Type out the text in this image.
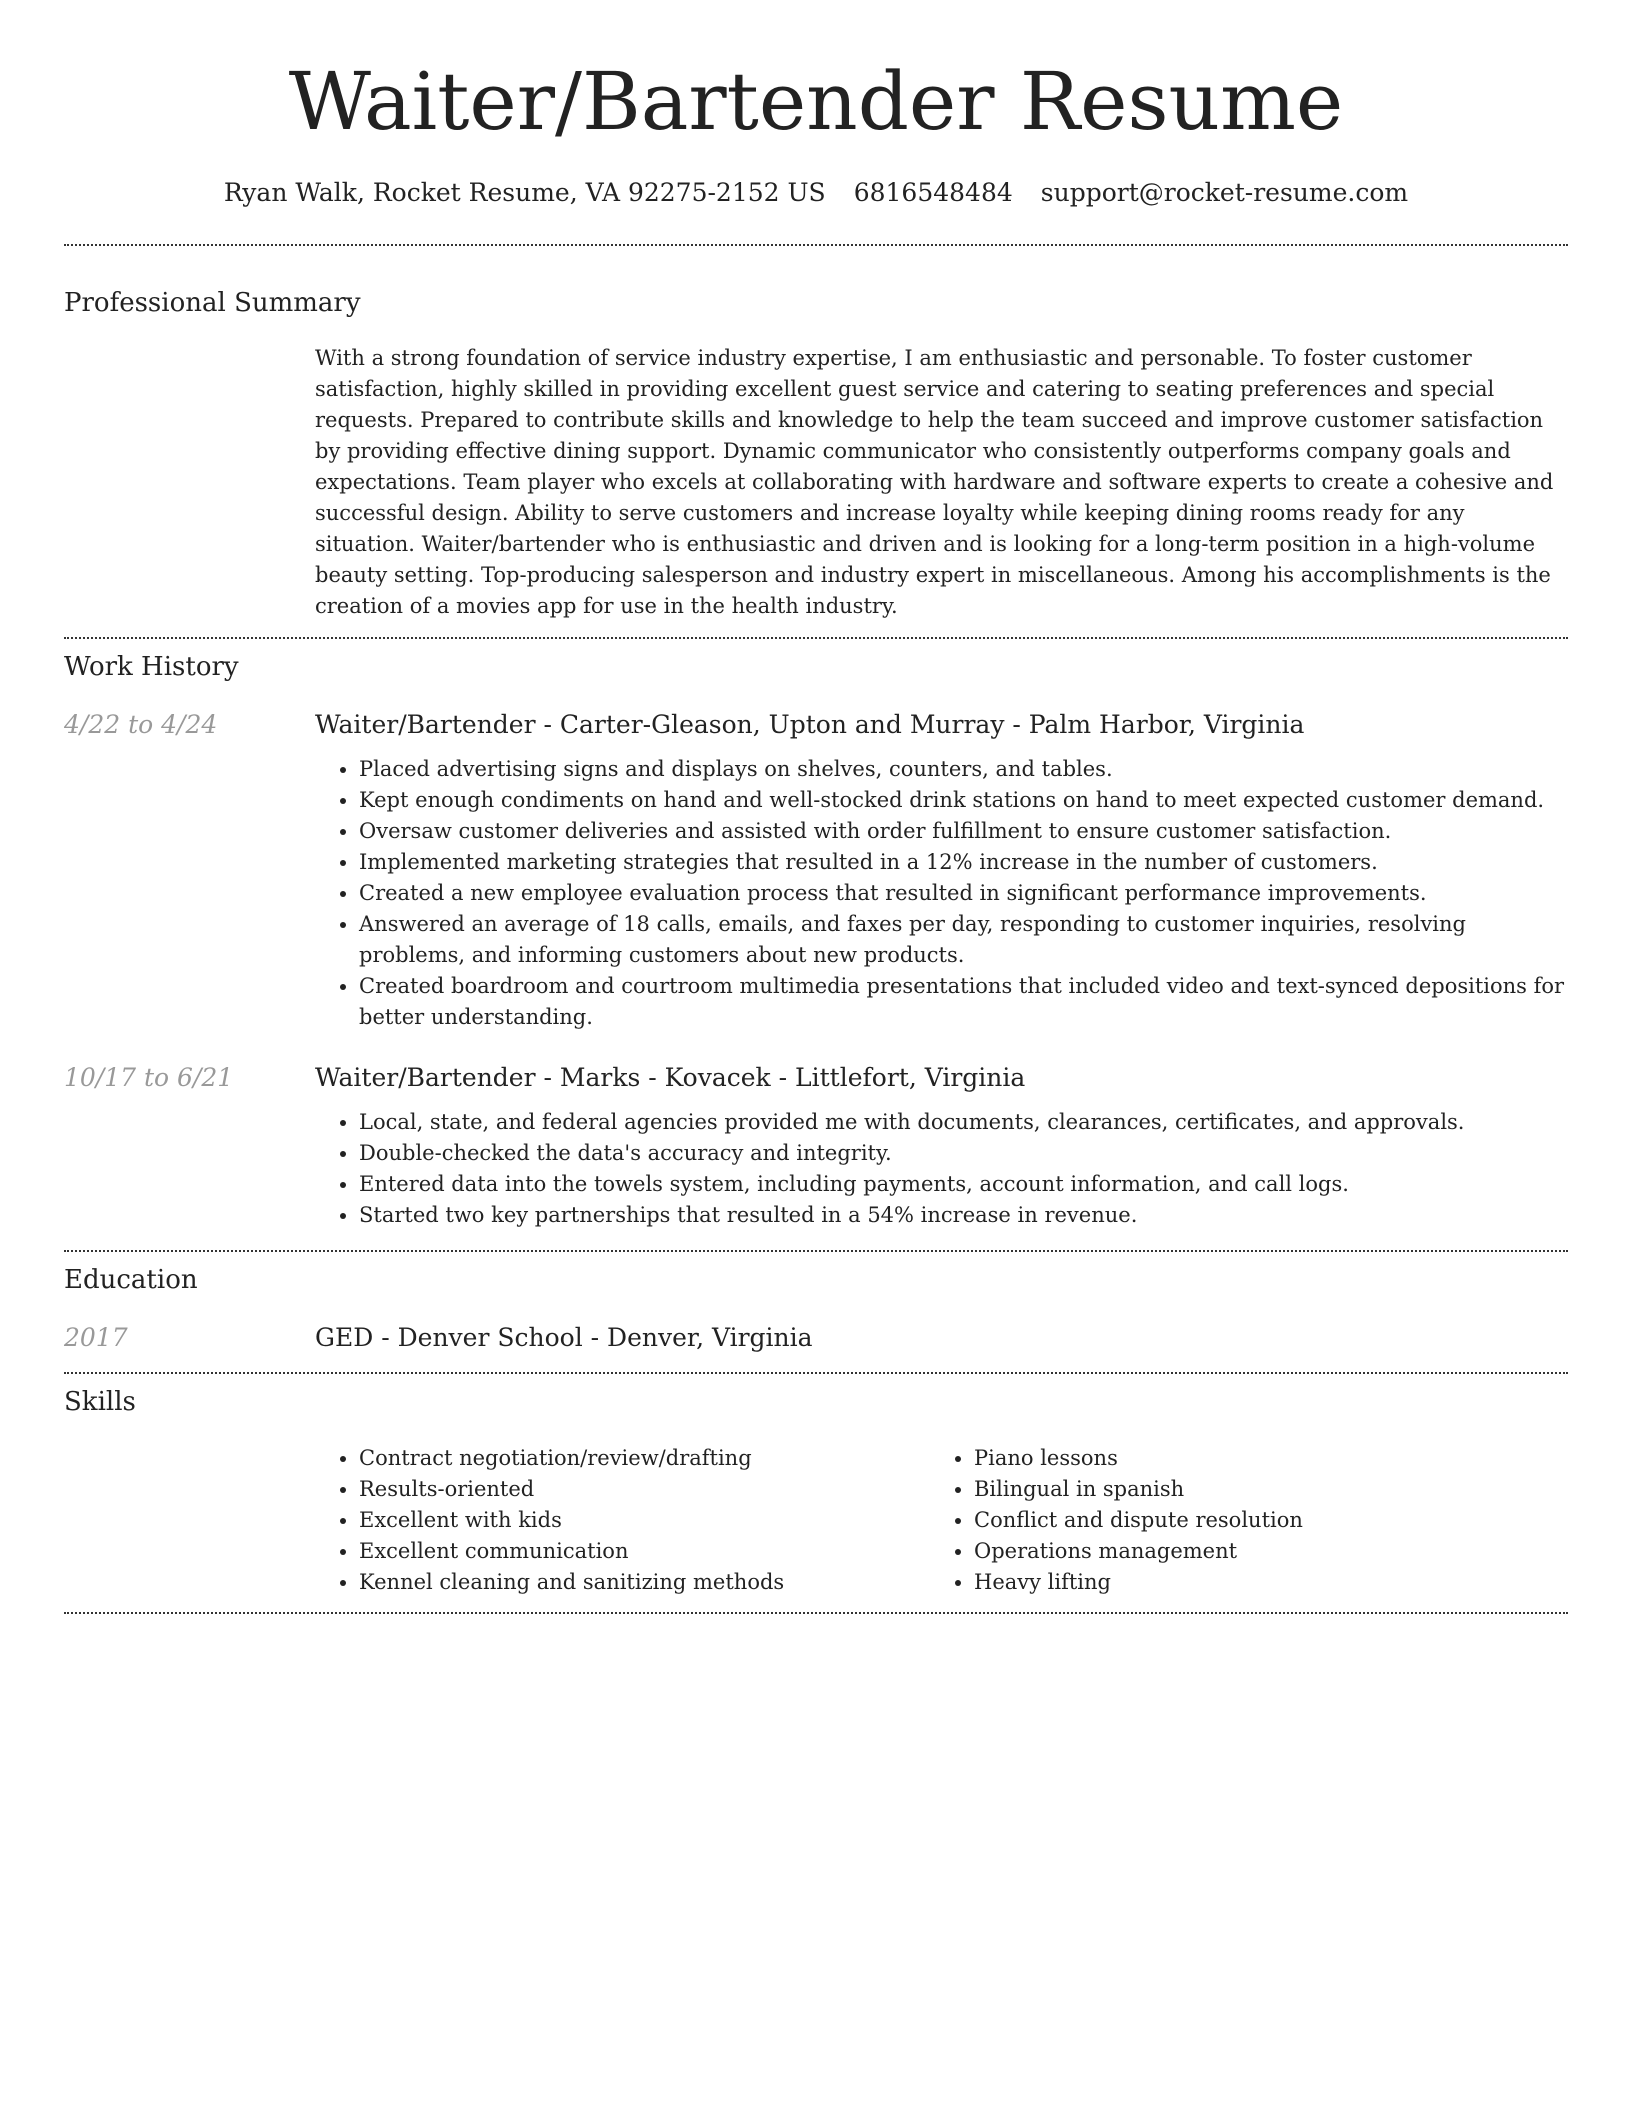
Waiter/Bartender Resume
Ryan Walk, Rocket Resume, VA 92275-2152 US 6816548484 support@rocket-resume.com
Professional Summary

With a strong foundation of service industry expertise, I am enthusiastic and personable. To foster customer satisfaction, highly skilled in providing excellent guest service and catering to seating preferences and special requests. Prepared to contribute skills and knowledge to help the team succeed and improve customer satisfaction by providing effective dining support. Dynamic communicator who consistently outperforms company goals and expectations. Team player who excels at collaborating with hardware and software experts to create a cohesive and successful design. Ability to serve customers and increase loyalty while keeping dining rooms ready for any situation. Waiter/bartender who is enthusiastic and driven and is looking for a long-term position in a high-volume beauty setting. Top-producing salesperson and industry expert in miscellaneous. Among his accomplishments is the creation of a movies app for use in the health industry.

Work History
4/22 to 4/24	Waiter/Bartender - Carter-Gleason, Upton and Murray - Palm Harbor, Virginia
• Placed advertising signs and displays on shelves, counters, and tables.
• Kept enough condiments on hand and well-stocked drink stations on hand to meet expected customer demand.
• Oversaw customer deliveries and assisted with order fulfillment to ensure customer satisfaction.
• Implemented marketing strategies that resulted in a 12% increase in the number of customers.
• Created a new employee evaluation process that resulted in significant performance improvements.
• Answered an average of 18 calls, emails, and faxes per day, responding to customer inquiries, resolving problems, and informing customers about new products.
• Created boardroom and courtroom multimedia presentations that included video and text-synced depositions for better understanding.
10/17 to 6/21	Waiter/Bartender - Marks - Kovacek - Littlefort, Virginia
• Local, state, and federal agencies provided me with documents, clearances, certificates, and approvals.
• Double-checked the data's accuracy and integrity.
• Entered data into the towels system, including payments, account information, and call logs.
• Started two key partnerships that resulted in a 54% increase in revenue.
Education
2017	GED - Denver School - Denver, Virginia
Skills
• Contract negotiation/review/drafting
• Results-oriented
• Excellent with kids
• Excellent communication
• Kennel cleaning and sanitizing methods
• Piano lessons
• Bilingual in spanish
• Conflict and dispute resolution
• Operations management
• Heavy lifting
